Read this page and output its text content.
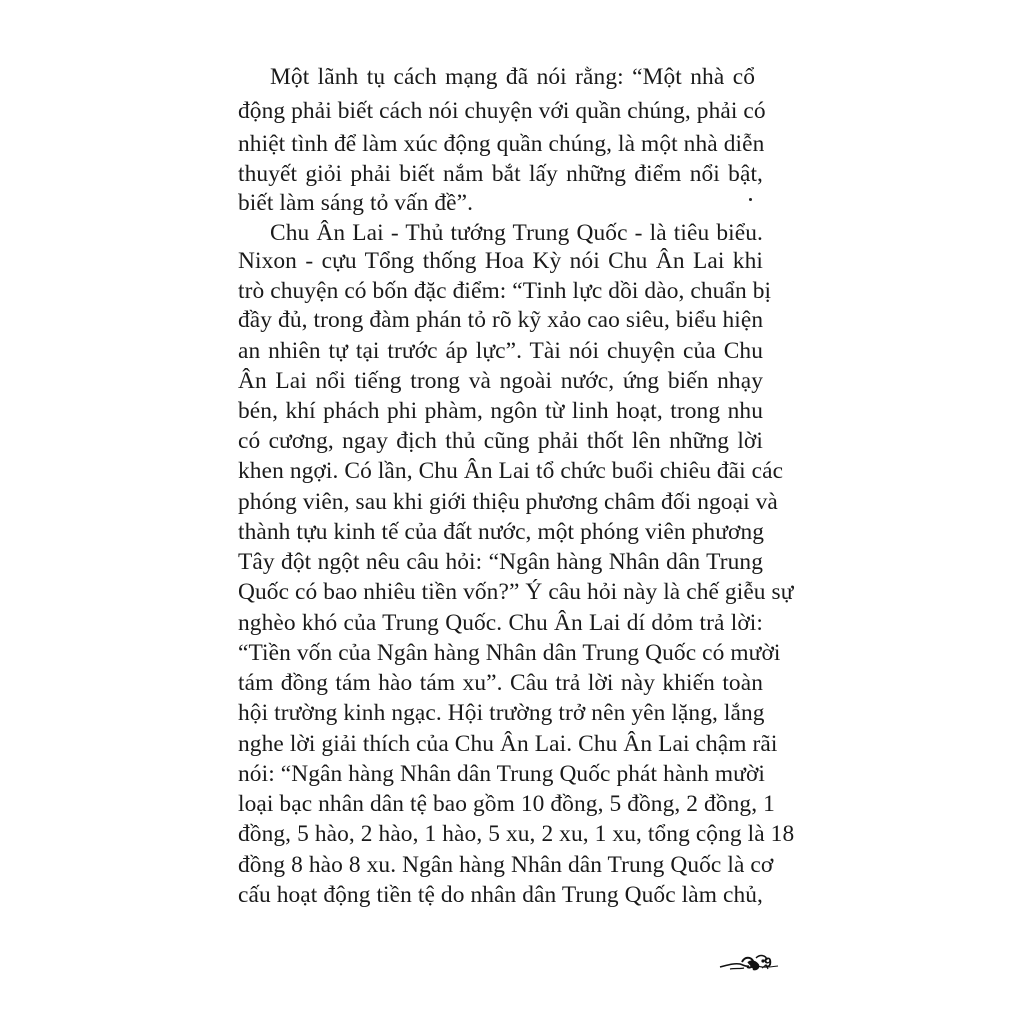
Một lãnh tụ cách mạng đã nói rằng: “Một nhà cổ
động phải biết cách nói chuyện với quần chúng, phải có
nhiệt tình để làm xúc động quần chúng, là một nhà diễn
thuyết giỏi phải biết nắm bắt lấy những điểm nổi bật,
biết làm sáng tỏ vấn đề”.
Chu Ân Lai - Thủ tướng Trung Quốc - là tiêu biểu.
Nixon - cựu Tổng thống Hoa Kỳ nói Chu Ân Lai khi
trò chuyện có bốn đặc điểm: “Tinh lực dồi dào, chuẩn bị
đầy đủ, trong đàm phán tỏ rõ kỹ xảo cao siêu, biểu hiện
an nhiên tự tại trước áp lực”. Tài nói chuyện của Chu
Ân Lai nổi tiếng trong và ngoài nước, ứng biến nhạy
bén, khí phách phi phàm, ngôn từ linh hoạt, trong nhu
có cương, ngay địch thủ cũng phải thốt lên những lời
khen ngợi. Có lần, Chu Ân Lai tổ chức buổi chiêu đãi các
phóng viên, sau khi giới thiệu phương châm đối ngoại và
thành tựu kinh tế của đất nước, một phóng viên phương
Tây đột ngột nêu câu hỏi: “Ngân hàng Nhân dân Trung
Quốc có bao nhiêu tiền vốn?” Ý câu hỏi này là chế giễu sự
nghèo khó của Trung Quốc. Chu Ân Lai dí dỏm trả lời:
“Tiền vốn của Ngân hàng Nhân dân Trung Quốc có mười
tám đồng tám hào tám xu”. Câu trả lời này khiến toàn
hội trường kinh ngạc. Hội trường trở nên yên lặng, lắng
nghe lời giải thích của Chu Ân Lai. Chu Ân Lai chậm rãi
nói: “Ngân hàng Nhân dân Trung Quốc phát hành mười
loại bạc nhân dân tệ bao gồm 10 đồng, 5 đồng, 2 đồng, 1
đồng, 5 hào, 2 hào, 1 hào, 5 xu, 2 xu, 1 xu, tổng cộng là 18
đồng 8 hào 8 xu. Ngân hàng Nhân dân Trung Quốc là cơ
cấu hoạt động tiền tệ do nhân dân Trung Quốc làm chủ,
9
